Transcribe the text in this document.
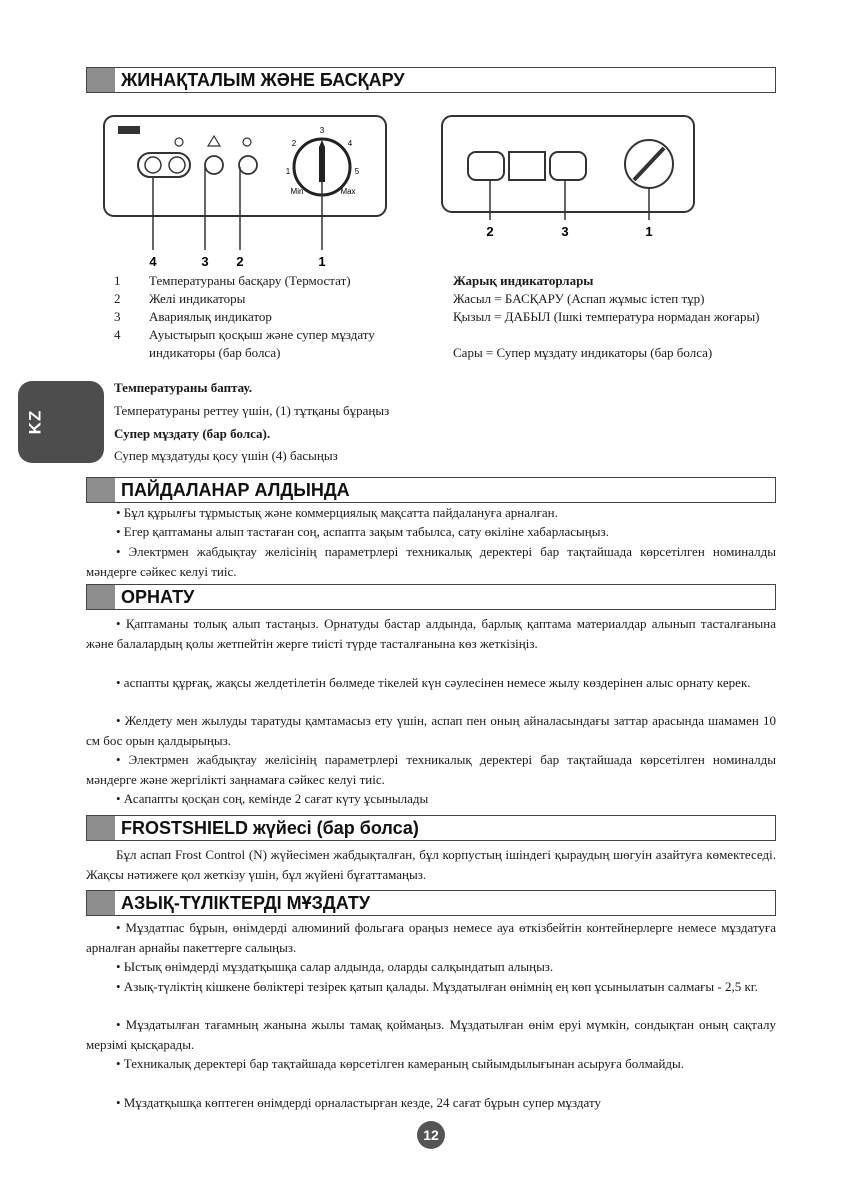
KZ
ЖИНАҚТАЛЫМ ЖӘНЕ БАСҚАРУ
3
2	4
1	5
Min	Max
4	3 2	1
2	3	1
1	Температураны басқару (Термостат)
2	Желі индикаторы
3	Авариялық индикатор
4	Ауыстырып қосқыш және супер мұздату индикаторы (бар болса)
Жарық индикаторлары
Жасыл = БАСҚАРУ (Аспап жұмыс істеп тұр)
Қызыл = ДАБЫЛ (Ішкі температура нормадан жоғары)
Сары = Супер мұздату индикаторы (бар болса)
Температураны баптау.
Температураны реттеу үшін, (1) тұтқаны бұраңыз
Супер мұздату (бар болса).
Супер мұздатуды қосу үшін (4) басыңыз
ПАЙДАЛАНАР АЛДЫНДА
• Бұл құрылғы тұрмыстық және коммерциялық мақсатта пайдалануға арналған.
• Егер қаптаманы алып тастаған соң, аспапта зақым табылса, сату өкіліне хабарласыңыз.
• Электрмен жабдықтау желісінің параметрлері техникалық деректері бар тақтайшада көрсетілген номиналды мәндерге сәйкес келуі тиіс.
ОРНАТУ
• Қаптаманы толық алып тастаңыз. Орнатуды бастар алдында, барлық қаптама материалдар алынып тасталғанына және балалардың қолы жетпейтін жерге тиісті түрде тасталғанына көз жеткізіңіз.
• аспапты құрғақ, жақсы желдетілетін бөлмеде тікелей күн сәулесінен немесе жылу көздерінен алыс орнату керек.
• Желдету мен жылуды таратуды қамтамасыз ету үшін, аспап пен оның айналасындағы заттар арасында шамамен 10 см бос орын қалдырыңыз.
• Электрмен жабдықтау желісінің параметрлері техникалық деректері бар тақтайшада көрсетілген номиналды мәндерге және жергілікті заңнамаға сәйкес келуі тиіс.
• Асапапты қосқан соң, кемінде 2 сағат күту ұсынылады
FROSTSHIELD жүйесі (бар болса)
Бұл аспап Frost Control (N) жүйесімен жабдықталған, бұл корпустың ішіндегі қыраудың шөгуін азайтуға көмектеседі. Жақсы нәтижеге қол жеткізу үшін, бұл жүйені бұғаттамаңыз.
АЗЫҚ-ТҮЛІКТЕРДІ МҰЗДАТУ
• Мұздатпас бұрын, өнімдерді алюминий фольгаға ораңыз немесе ауа өткізбейтін контейнерлерге немесе мұздатуға арналған арнайы пакеттерге салыңыз.
• Ыстық өнімдерді мұздатқышқа салар алдында, оларды салқындатып алыңыз.
• Азық-түліктің кішкене бөліктері тезірек қатып қалады. Мұздатылған өнімнің ең көп ұсынылатын салмағы - 2,5 кг.
• Мұздатылған тағамның жанына жылы тамақ қоймаңыз. Мұздатылған өнім еруі мүмкін, сондықтан оның сақталу мерзімі қысқарады.
• Техникалық деректері бар тақтайшада көрсетілген камераның сыйымдылығынан асыруға болмайды.
• Мұздатқышқа көптеген өнімдерді орналастырған кезде, 24 сағат бұрын супер мұздату
12
